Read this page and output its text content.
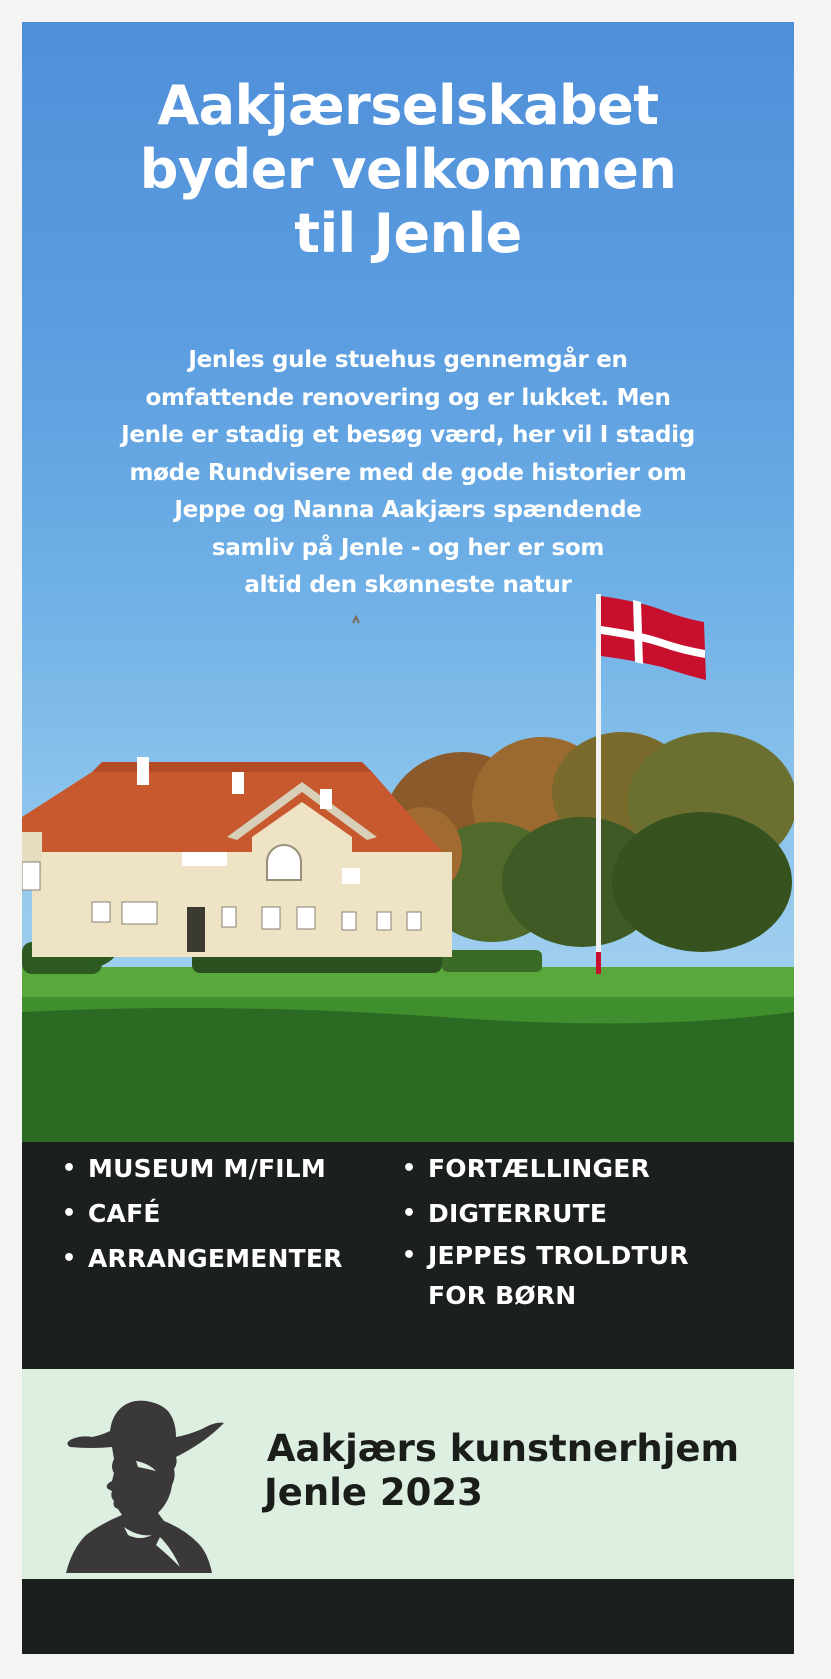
Aakjærselskabet
byder velkommen
til Jenle

Jenles gule stuehus gennemgår en
omfattende renovering og er lukket. Men
Jenle er stadig et besøg værd, her vil I stadig
møde Rundvisere med de gode historier om
Jeppe og Nanna Aakjærs spændende
samliv på Jenle - og her er som
altid den skønneste natur

• MUSEUM M/FILM
• CAFÉ
• ARRANGEMENTER
• FORTÆLLINGER
• DIGTERRUTE
• JEPPES TROLDTUR
FOR BØRN
Aakjærs kunstnerhjem
Jenle 2023
